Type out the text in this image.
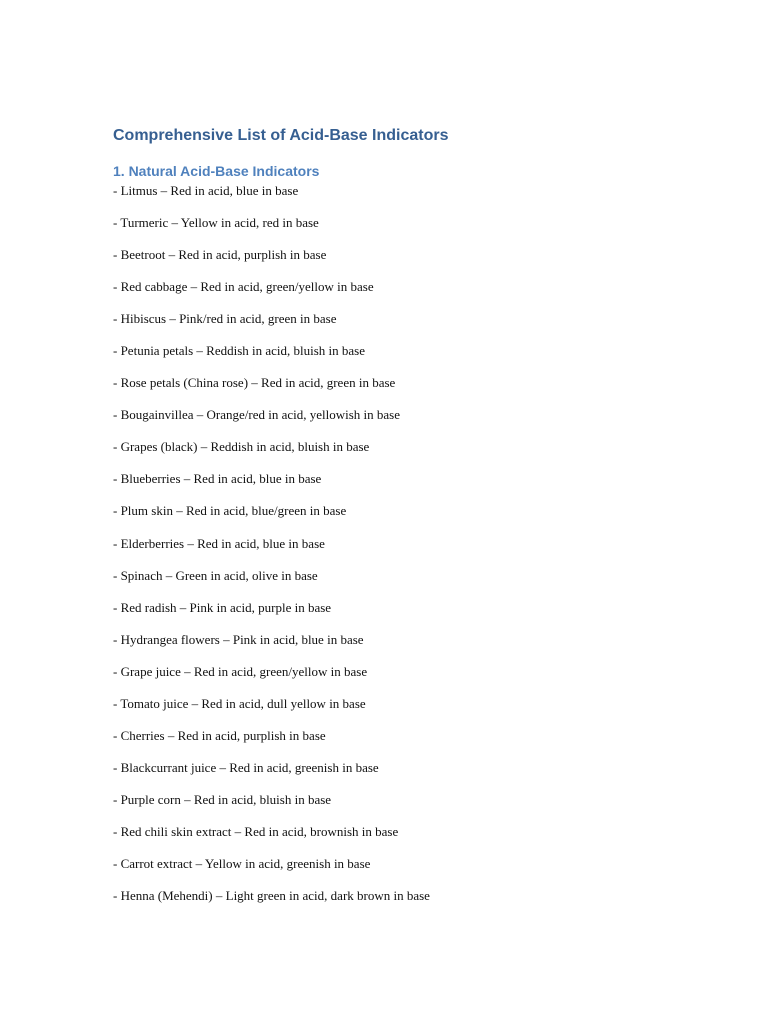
Comprehensive List of Acid-Base Indicators
1. Natural Acid-Base Indicators
- Litmus – Red in acid, blue in base
- Turmeric – Yellow in acid, red in base
- Beetroot – Red in acid, purplish in base
- Red cabbage – Red in acid, green/yellow in base
- Hibiscus – Pink/red in acid, green in base
- Petunia petals – Reddish in acid, bluish in base
- Rose petals (China rose) – Red in acid, green in base
- Bougainvillea – Orange/red in acid, yellowish in base
- Grapes (black) – Reddish in acid, bluish in base
- Blueberries – Red in acid, blue in base
- Plum skin – Red in acid, blue/green in base
- Elderberries – Red in acid, blue in base
- Spinach – Green in acid, olive in base
- Red radish – Pink in acid, purple in base
- Hydrangea flowers – Pink in acid, blue in base
- Grape juice – Red in acid, green/yellow in base
- Tomato juice – Red in acid, dull yellow in base
- Cherries – Red in acid, purplish in base
- Blackcurrant juice – Red in acid, greenish in base
- Purple corn – Red in acid, bluish in base
- Red chili skin extract – Red in acid, brownish in base
- Carrot extract – Yellow in acid, greenish in base
- Henna (Mehendi) – Light green in acid, dark brown in base
